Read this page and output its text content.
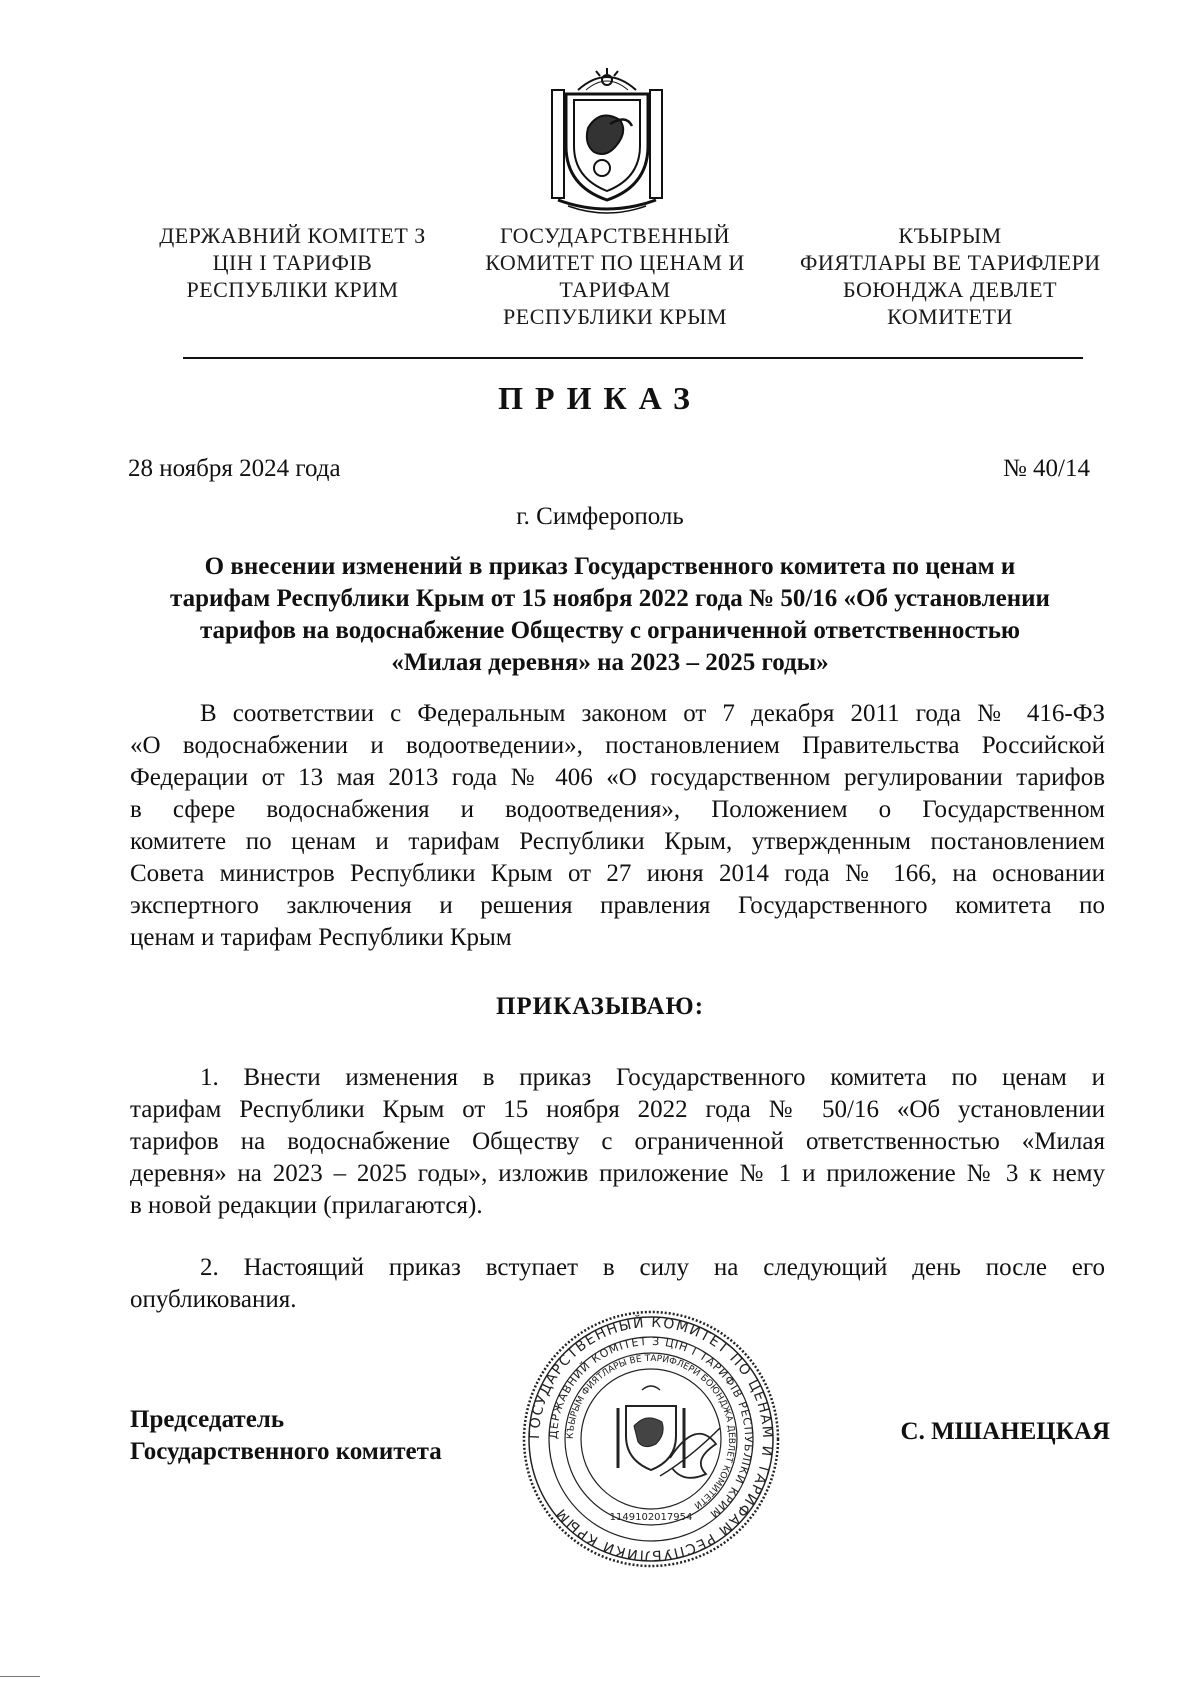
ДЕРЖАВНИЙ КОМІТЕТ З
ЦІН І ТАРИФІВ
РЕСПУБЛІКИ КРИМ
ГОСУДАРСТВЕННЫЙ
КОМИТЕТ ПО ЦЕНАМ И
ТАРИФАМ
РЕСПУБЛИКИ КРЫМ
КЪЫРЫМ
ФИЯТЛАРЫ ВЕ ТАРИФЛЕРИ
БОЮНДЖА ДЕВЛЕТ
КОМИТЕТИ
ПРИКАЗ
28 ноября 2024 года	№ 40/14
г. Симферополь
О внесении изменений в приказ Государственного комитета по ценам и
тарифам Республики Крым от 15 ноября 2022 года № 50/16 «Об установлении
тарифов на водоснабжение Обществу с ограниченной ответственностью
«Милая деревня» на 2023 – 2025 годы»
В соответствии с Федеральным законом от 7 декабря 2011 года № 416-ФЗ
«О водоснабжении и водоотведении», постановлением Правительства Российской
Федерации от 13 мая 2013 года № 406 «О государственном регулировании тарифов
в сфере водоснабжения и водоотведения», Положением о Государственном
комитете по ценам и тарифам Республики Крым, утвержденным постановлением
Совета министров Республики Крым от 27 июня 2014 года № 166, на основании
экспертного заключения и решения правления Государственного комитета по
ценам и тарифам Республики Крым
ПРИКАЗЫВАЮ:
1. Внести изменения в приказ Государственного комитета по ценам и
тарифам Республики Крым от 15 ноября 2022 года № 50/16 «Об установлении
тарифов на водоснабжение Обществу с ограниченной ответственностью «Милая
деревня» на 2023 – 2025 годы», изложив приложение № 1 и приложение № 3 к нему
в новой редакции (прилагаются).
2. Настоящий приказ вступает в силу на следующий день после его
опубликования.
ГОСУДАРСТВЕННЫЙ КОМИТЕТ ПО ЦЕНАМ И ТАРИФАМ РЕСПУБЛИКИ КРЫМ
ДЕРЖАВНИЙ КОМІТЕТ З ЦІН І ТАРИФІВ РЕСПУБЛІКИ КРИМ
КЪЫРЫМ ФИЯТЛАРЫ ВЕ ТАРИФЛЕРИ БОЮНДЖА ДЕВЛЕТ КОМИТЕТИ
1149102017954
Председатель
Государственного комитета
С. МШАНЕЦКАЯ
